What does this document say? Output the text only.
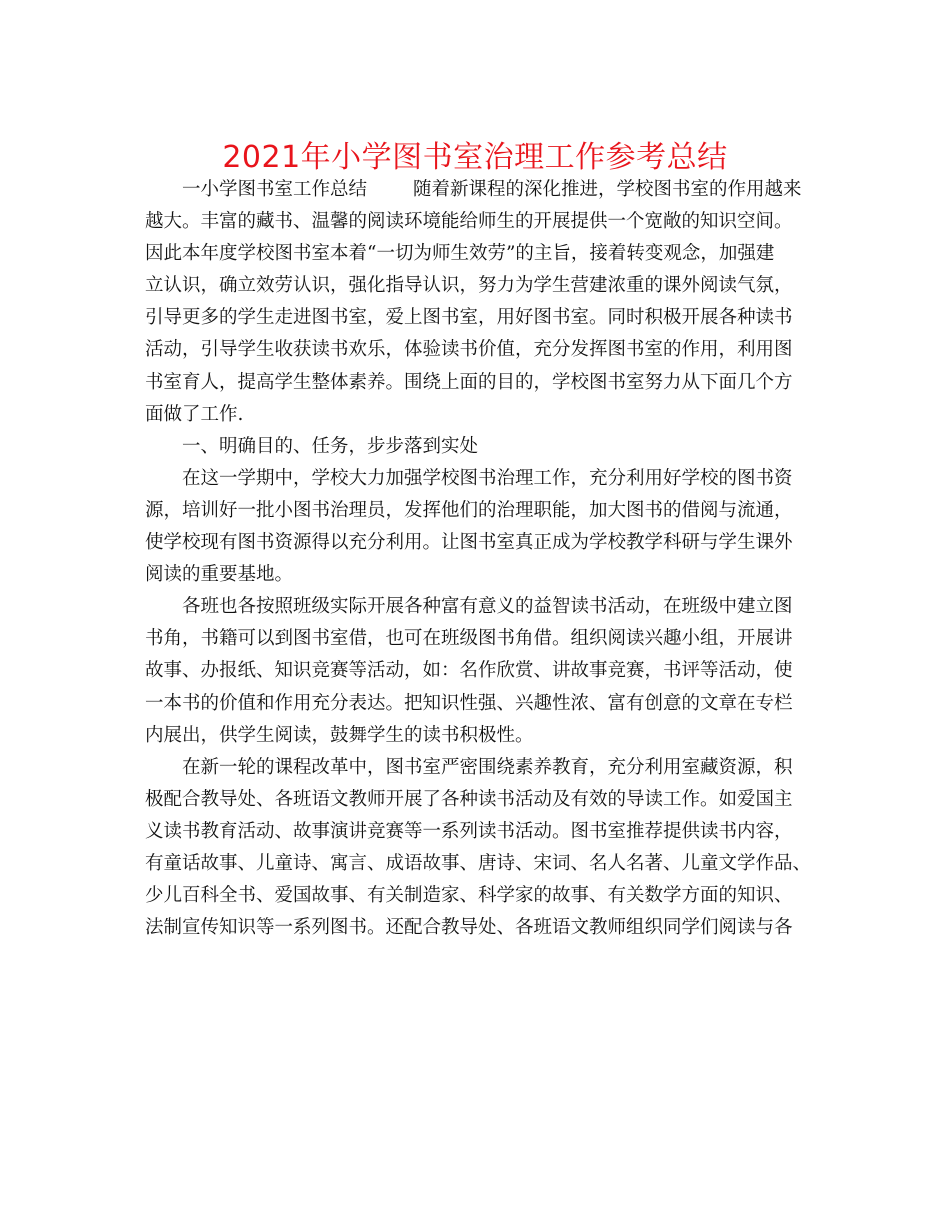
2021年小学图书室治理工作参考总结
一小学图书室工作总结 随着新课程的深化推进，学校图书室的作用越来
越大。丰富的藏书、温馨的阅读环境能给师生的开展提供一个宽敞的知识空间。
因此本年度学校图书室本着“一切为师生效劳”的主旨，接着转变观念，加强建
立认识，确立效劳认识，强化指导认识，努力为学生营建浓重的课外阅读气氛，
引导更多的学生走进图书室，爱上图书室，用好图书室。同时积极开展各种读书
活动，引导学生收获读书欢乐，体验读书价值，充分发挥图书室的作用，利用图
书室育人，提高学生整体素养。围绕上面的目的，学校图书室努力从下面几个方
面做了工作.
一、明确目的、任务，步步落到实处
在这一学期中，学校大力加强学校图书治理工作，充分利用好学校的图书资
源，培训好一批小图书治理员，发挥他们的治理职能，加大图书的借阅与流通，
使学校现有图书资源得以充分利用。让图书室真正成为学校教学科研与学生课外
阅读的重要基地。
各班也各按照班级实际开展各种富有意义的益智读书活动，在班级中建立图
书角，书籍可以到图书室借，也可在班级图书角借。组织阅读兴趣小组，开展讲
故事、办报纸、知识竞赛等活动，如：名作欣赏、讲故事竞赛，书评等活动，使
一本书的价值和作用充分表达。把知识性强、兴趣性浓、富有创意的文章在专栏
内展出，供学生阅读，鼓舞学生的读书积极性。
在新一轮的课程改革中，图书室严密围绕素养教育，充分利用室藏资源，积
极配合教导处、各班语文教师开展了各种读书活动及有效的导读工作。如爱国主
义读书教育活动、故事演讲竞赛等一系列读书活动。图书室推荐提供读书内容，
有童话故事、儿童诗、寓言、成语故事、唐诗、宋词、名人名著、儿童文学作品、
少儿百科全书、爱国故事、有关制造家、科学家的故事、有关数学方面的知识、
法制宣传知识等一系列图书。还配合教导处、各班语文教师组织同学们阅读与各
